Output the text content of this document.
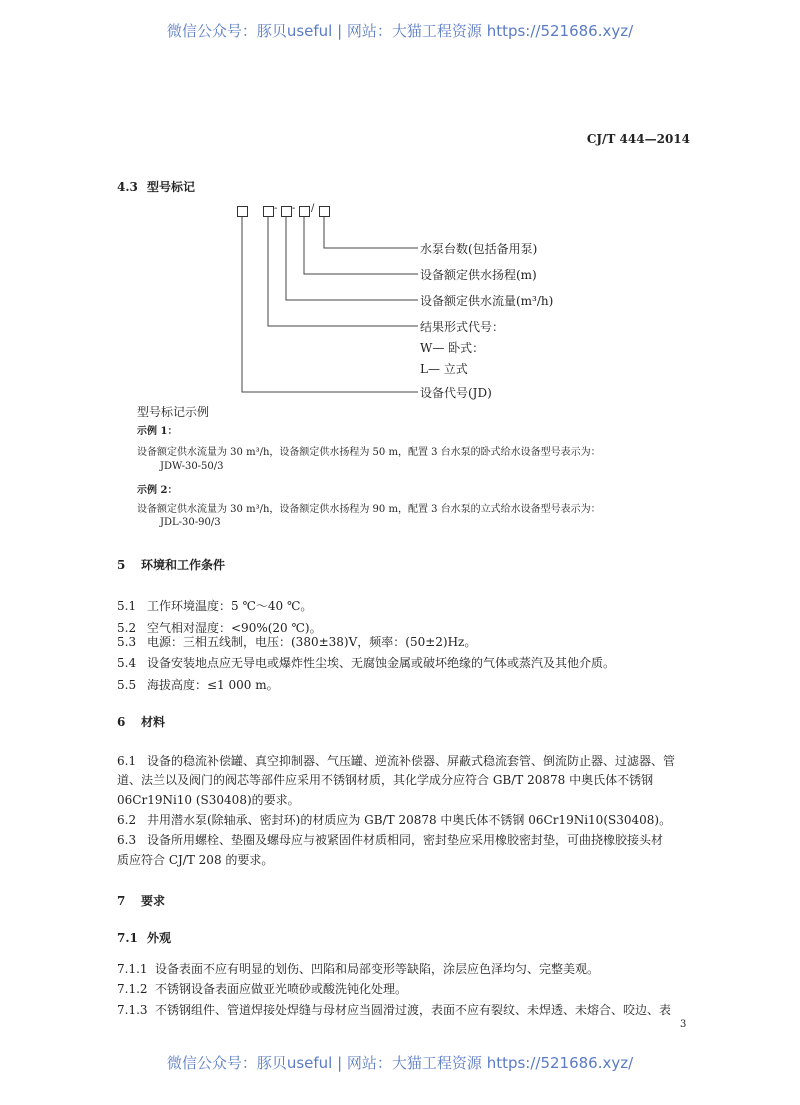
微信公众号：豚贝useful | 网站：大猫工程资源 https://521686.xyz/
CJ/T 444—2014
4.3 型号标记
- - /
水泵台数(包括备用泵)
设备额定供水扬程(m)
设备额定供水流量(m³/h)
结果形式代号：
W— 卧式：
L— 立式
设备代号(JD)
型号标记示例
示例 1：
设备额定供水流量为 30 m³/h，设备额定供水扬程为 50 m，配置 3 台水泵的卧式给水设备型号表示为：
JDW-30-50/3
示例 2：
设备额定供水流量为 30 m³/h，设备额定供水扬程为 90 m，配置 3 台水泵的立式给水设备型号表示为：
JDL-30-90/3
5 环境和工作条件
5.1 工作环境温度：5 ℃～40 ℃。
5.2 空气相对湿度：<90%(20 ℃)。
5.3 电源：三相五线制，电压：(380±38)V，频率：(50±2)Hz。
5.4 设备安装地点应无导电或爆炸性尘埃、无腐蚀金属或破坏绝缘的气体或蒸汽及其他介质。
5.5 海拔高度：≤1 000 m。
6 材料
6.1 设备的稳流补偿罐、真空抑制器、气压罐、逆流补偿器、屏蔽式稳流套管、倒流防止器、过滤器、管
道、法兰以及阀门的阀芯等部件应采用不锈钢材质，其化学成分应符合 GB/T 20878 中奥氏体不锈钢
06Cr19Ni10 (S30408)的要求。
6.2 井用潜水泵(除轴承、密封环)的材质应为 GB/T 20878 中奥氏体不锈钢 06Cr19Ni10(S30408)。
6.3 设备所用螺栓、垫圈及螺母应与被紧固件材质相同，密封垫应采用橡胶密封垫，可曲挠橡胶接头材
质应符合 CJ/T 208 的要求。
7 要求
7.1 外观
7.1.1 设备表面不应有明显的划伤、凹陷和局部变形等缺陷，涂层应色泽均匀、完整美观。
7.1.2 不锈钢设备表面应做亚光喷砂或酸洗钝化处理。
7.1.3 不锈钢组件、管道焊接处焊缝与母材应当圆滑过渡，表面不应有裂纹、未焊透、未熔合、咬边、表
3
微信公众号：豚贝useful | 网站：大猫工程资源 https://521686.xyz/
